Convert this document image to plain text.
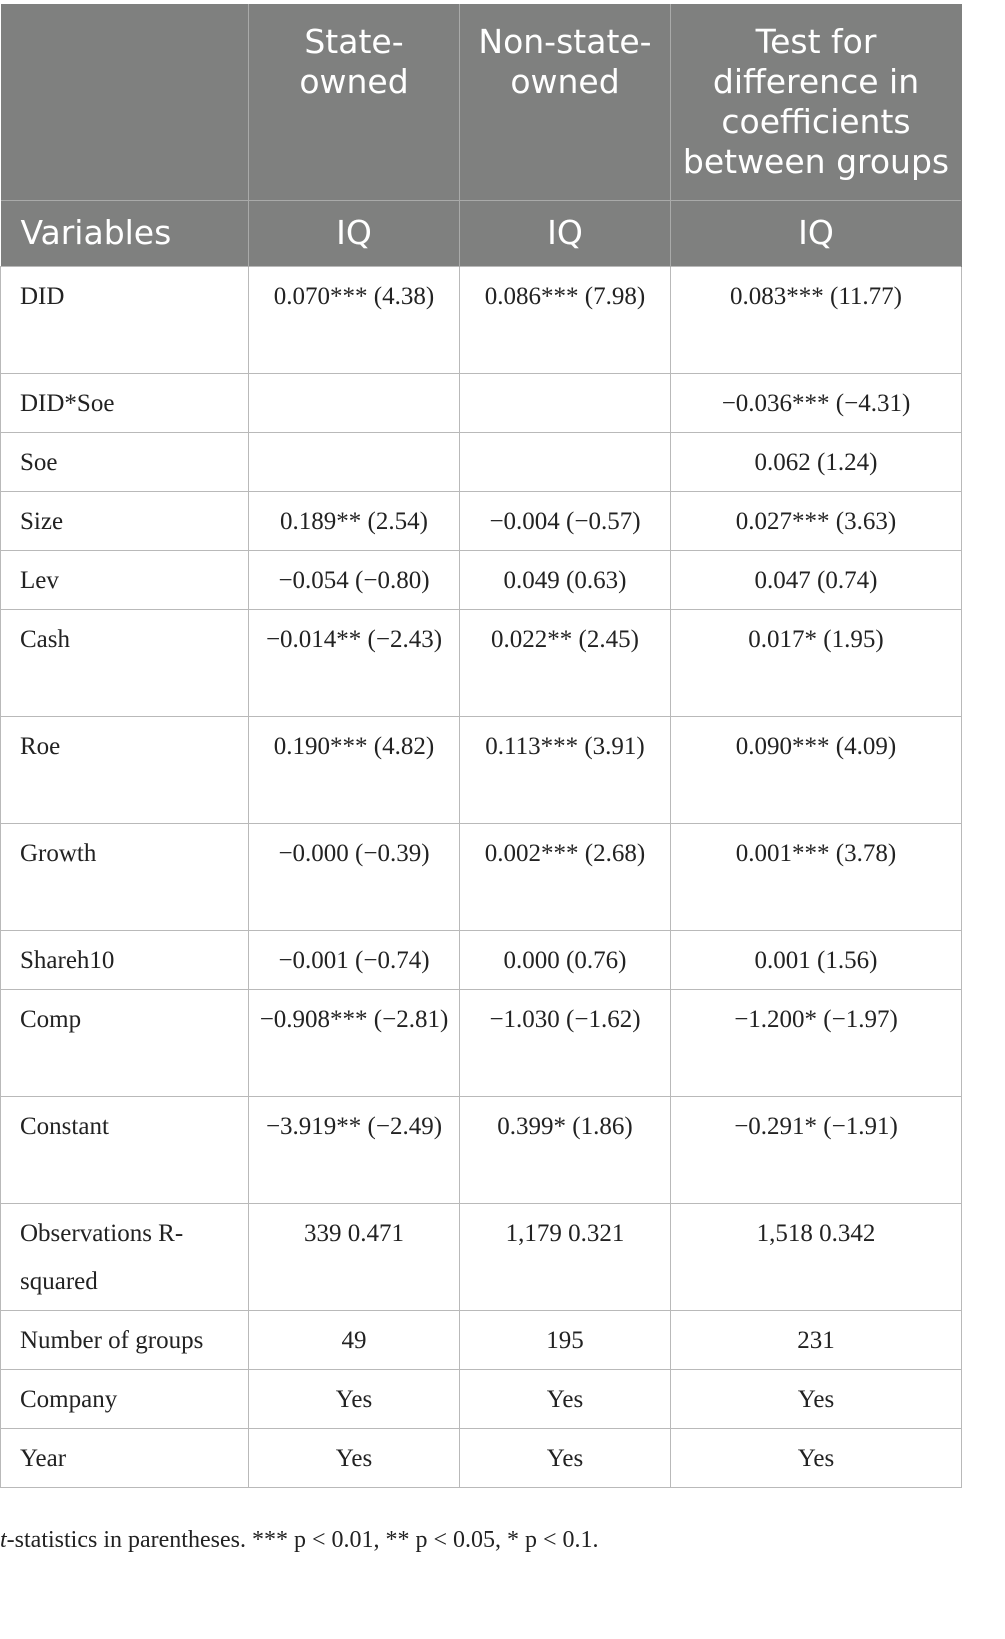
	State-owned	Non-state-owned	Test for difference in coefficients between groups
Variables	IQ	IQ	IQ
DID	0.070*** (4.38)	0.086*** (7.98)	0.083*** (11.77)
DID*Soe			−0.036*** (−4.31)
Soe			0.062 (1.24)
Size	0.189** (2.54)	−0.004 (−0.57)	0.027*** (3.63)
Lev	−0.054 (−0.80)	0.049 (0.63)	0.047 (0.74)
Cash	−0.014** (−2.43)	0.022** (2.45)	0.017* (1.95)
Roe	0.190*** (4.82)	0.113*** (3.91)	0.090*** (4.09)
Growth	−0.000 (−0.39)	0.002*** (2.68)	0.001*** (3.78)
Shareh10	−0.001 (−0.74)	0.000 (0.76)	0.001 (1.56)
Comp	−0.908*** (−2.81)	−1.030 (−1.62)	−1.200* (−1.97)
Constant	−3.919** (−2.49)	0.399* (1.86)	−0.291* (−1.91)
Observations R-squared	339 0.471	1,179 0.321	1,518 0.342
Number of groups	49	195	231
Company	Yes	Yes	Yes
Year	Yes	Yes	Yes
t-statistics in parentheses. *** p < 0.01, ** p < 0.05, * p < 0.1.
